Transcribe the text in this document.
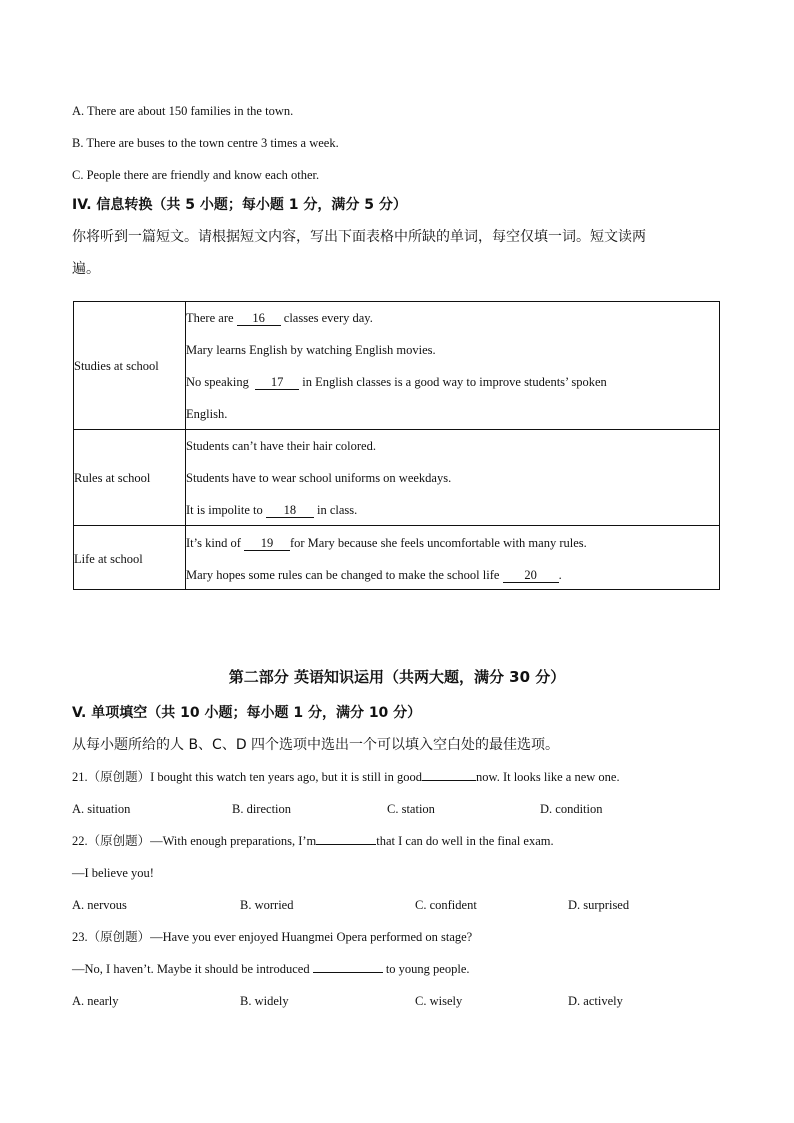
A. There are about 150 families in the town.
B. There are buses to the town centre 3 times a week.
C. People there are friendly and know each other.
IV. 信息转换（共 5 小题；每小题 1 分，满分 5 分）
你将听到一篇短文。请根据短文内容，写出下面表格中所缺的单词，每空仅填一词。短文读两
遍。
Studies at school
There are 16 classes every day.
Mary learns English by watching English movies.
No speaking 17 in English classes is a good way to improve students’ spoken
English.
Rules at school
Students can’t have their hair colored.
Students have to wear school uniforms on weekdays.
It is impolite to 18 in class.
Life at school
It’s kind of 19 for Mary because she feels uncomfortable with many rules.
Mary hopes some rules can be changed to make the school life 20 .
第二部分 英语知识运用（共两大题，满分 30 分）
V. 单项填空（共 10 小题；每小题 1 分，满分 10 分）
从每小题所给的人 B、C、D 四个选项中选出一个可以填入空白处的最佳选项。
21.（原创题）I bought this watch ten years ago, but it is still in good	now. It looks like a new one.
A. situation	B. direction	C. station	D. condition
22.（原创题）—With enough preparations, I’m	that I can do well in the final exam.
—I believe you!
A. nervous	B. worried	C. confident	D. surprised
23.（原创题）—Have you ever enjoyed Huangmei Opera performed on stage?
—No, I haven’t. Maybe it should be introduced	to young people.
A. nearly	B. widely	C. wisely	D. actively
